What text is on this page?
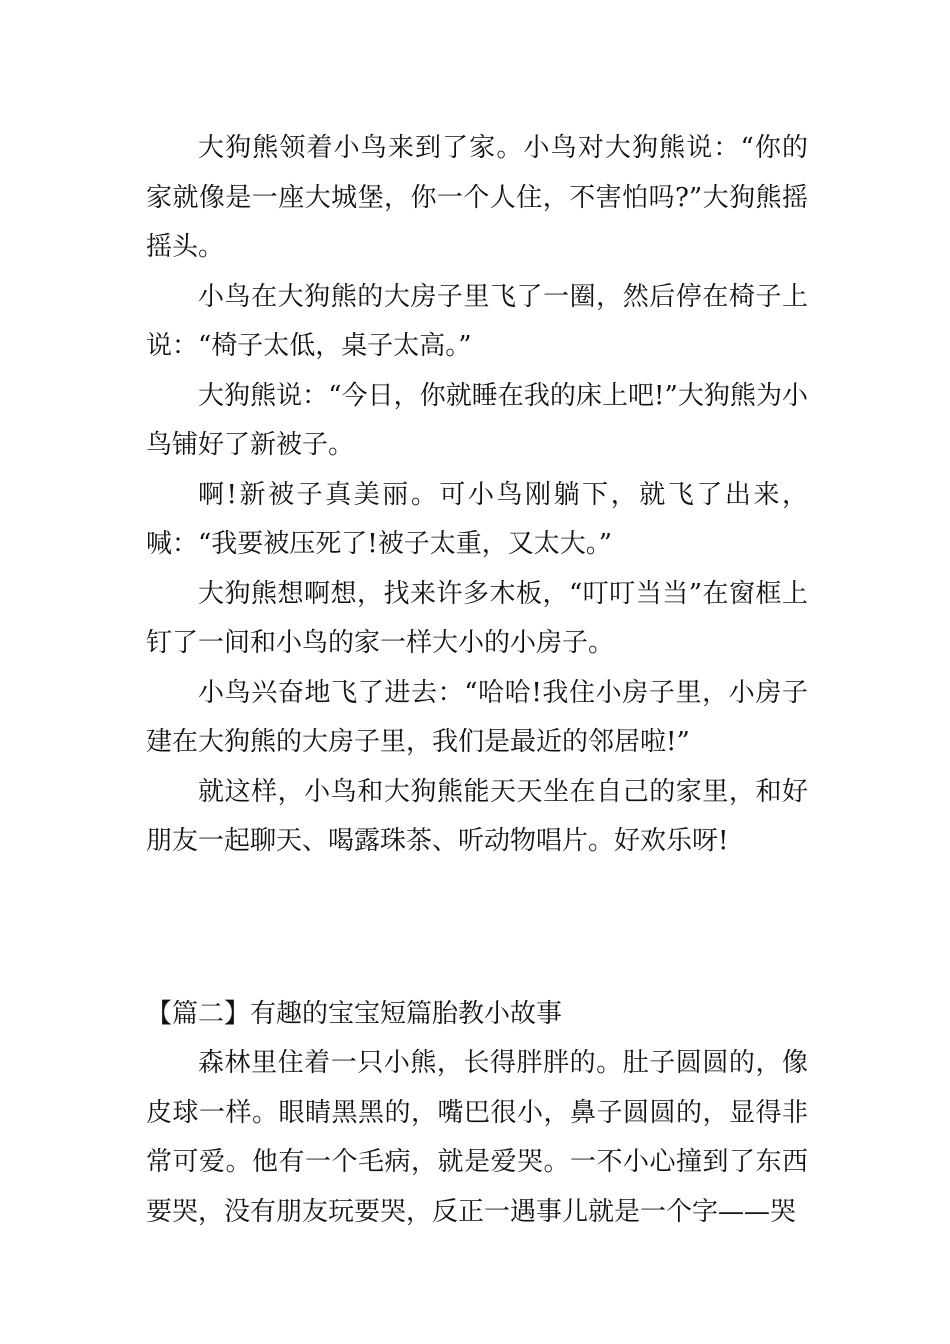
大狗熊领着小鸟来到了家。小鸟对大狗熊说：“你的家就像是一座大城堡，你一个人住，不害怕吗?”大狗熊摇摇头。

小鸟在大狗熊的大房子里飞了一圈，然后停在椅子上说：“椅子太低，桌子太高。”

大狗熊说：“今日，你就睡在我的床上吧!”大狗熊为小鸟铺好了新被子。

啊!新被子真美丽。可小鸟刚躺下，就飞了出来，喊：“我要被压死了!被子太重，又太大。”

大狗熊想啊想，找来许多木板，“叮叮当当”在窗框上钉了一间和小鸟的家一样大小的小房子。

小鸟兴奋地飞了进去：“哈哈!我住小房子里，小房子建在大狗熊的大房子里，我们是最近的邻居啦!”

就这样，小鸟和大狗熊能天天坐在自己的家里，和好朋友一起聊天、喝露珠茶、听动物唱片。好欢乐呀!

【篇二】有趣的宝宝短篇胎教小故事

森林里住着一只小熊，长得胖胖的。肚子圆圆的，像皮球一样。眼睛黑黑的，嘴巴很小，鼻子圆圆的，显得非常可爱。他有一个毛病，就是爱哭。一不小心撞到了东西要哭，没有朋友玩要哭，反正一遇事儿就是一个字——哭
